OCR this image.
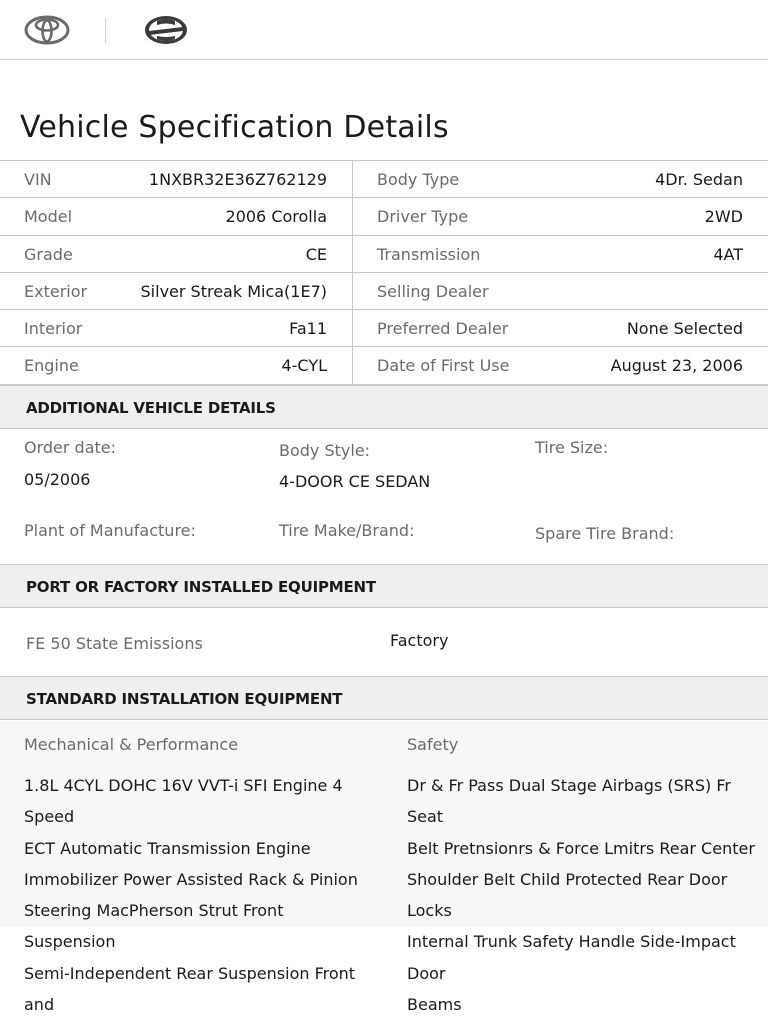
Vehicle Specification Details
VIN	1NXBR32E36Z762129	Body Type	4Dr. Sedan
Model	2006 Corolla	Driver Type	2WD
Grade	CE	Transmission	4AT
Exterior	Silver Streak Mica(1E7)	Selling Dealer
Interior	Fa11	Preferred Dealer	None Selected
Engine	4-CYL	Date of First Use	August 23, 2006
ADDITIONAL VEHICLE DETAILS
Order date:
05/2006
Body Style:
4-DOOR CE SEDAN
Tire Size:
Plant of Manufacture:	Tire Make/Brand:	Spare Tire Brand:
PORT OR FACTORY INSTALLED EQUIPMENT
FE 50 State Emissions	Factory
STANDARD INSTALLATION EQUIPMENT
Mechanical & Performance
1.8L 4CYL DOHC 16V VVT-i SFI Engine 4 Speed
ECT Automatic Transmission Engine
Immobilizer Power Assisted Rack & Pinion
Steering MacPherson Strut Front Suspension
Semi-Independent Rear Suspension Front and
Safety
Dr & Fr Pass Dual Stage Airbags (SRS) Fr Seat
Belt Pretnsionrs & Force Lmitrs Rear Center
Shoulder Belt Child Protected Rear Door Locks
Internal Trunk Safety Handle Side-Impact Door
Beams
